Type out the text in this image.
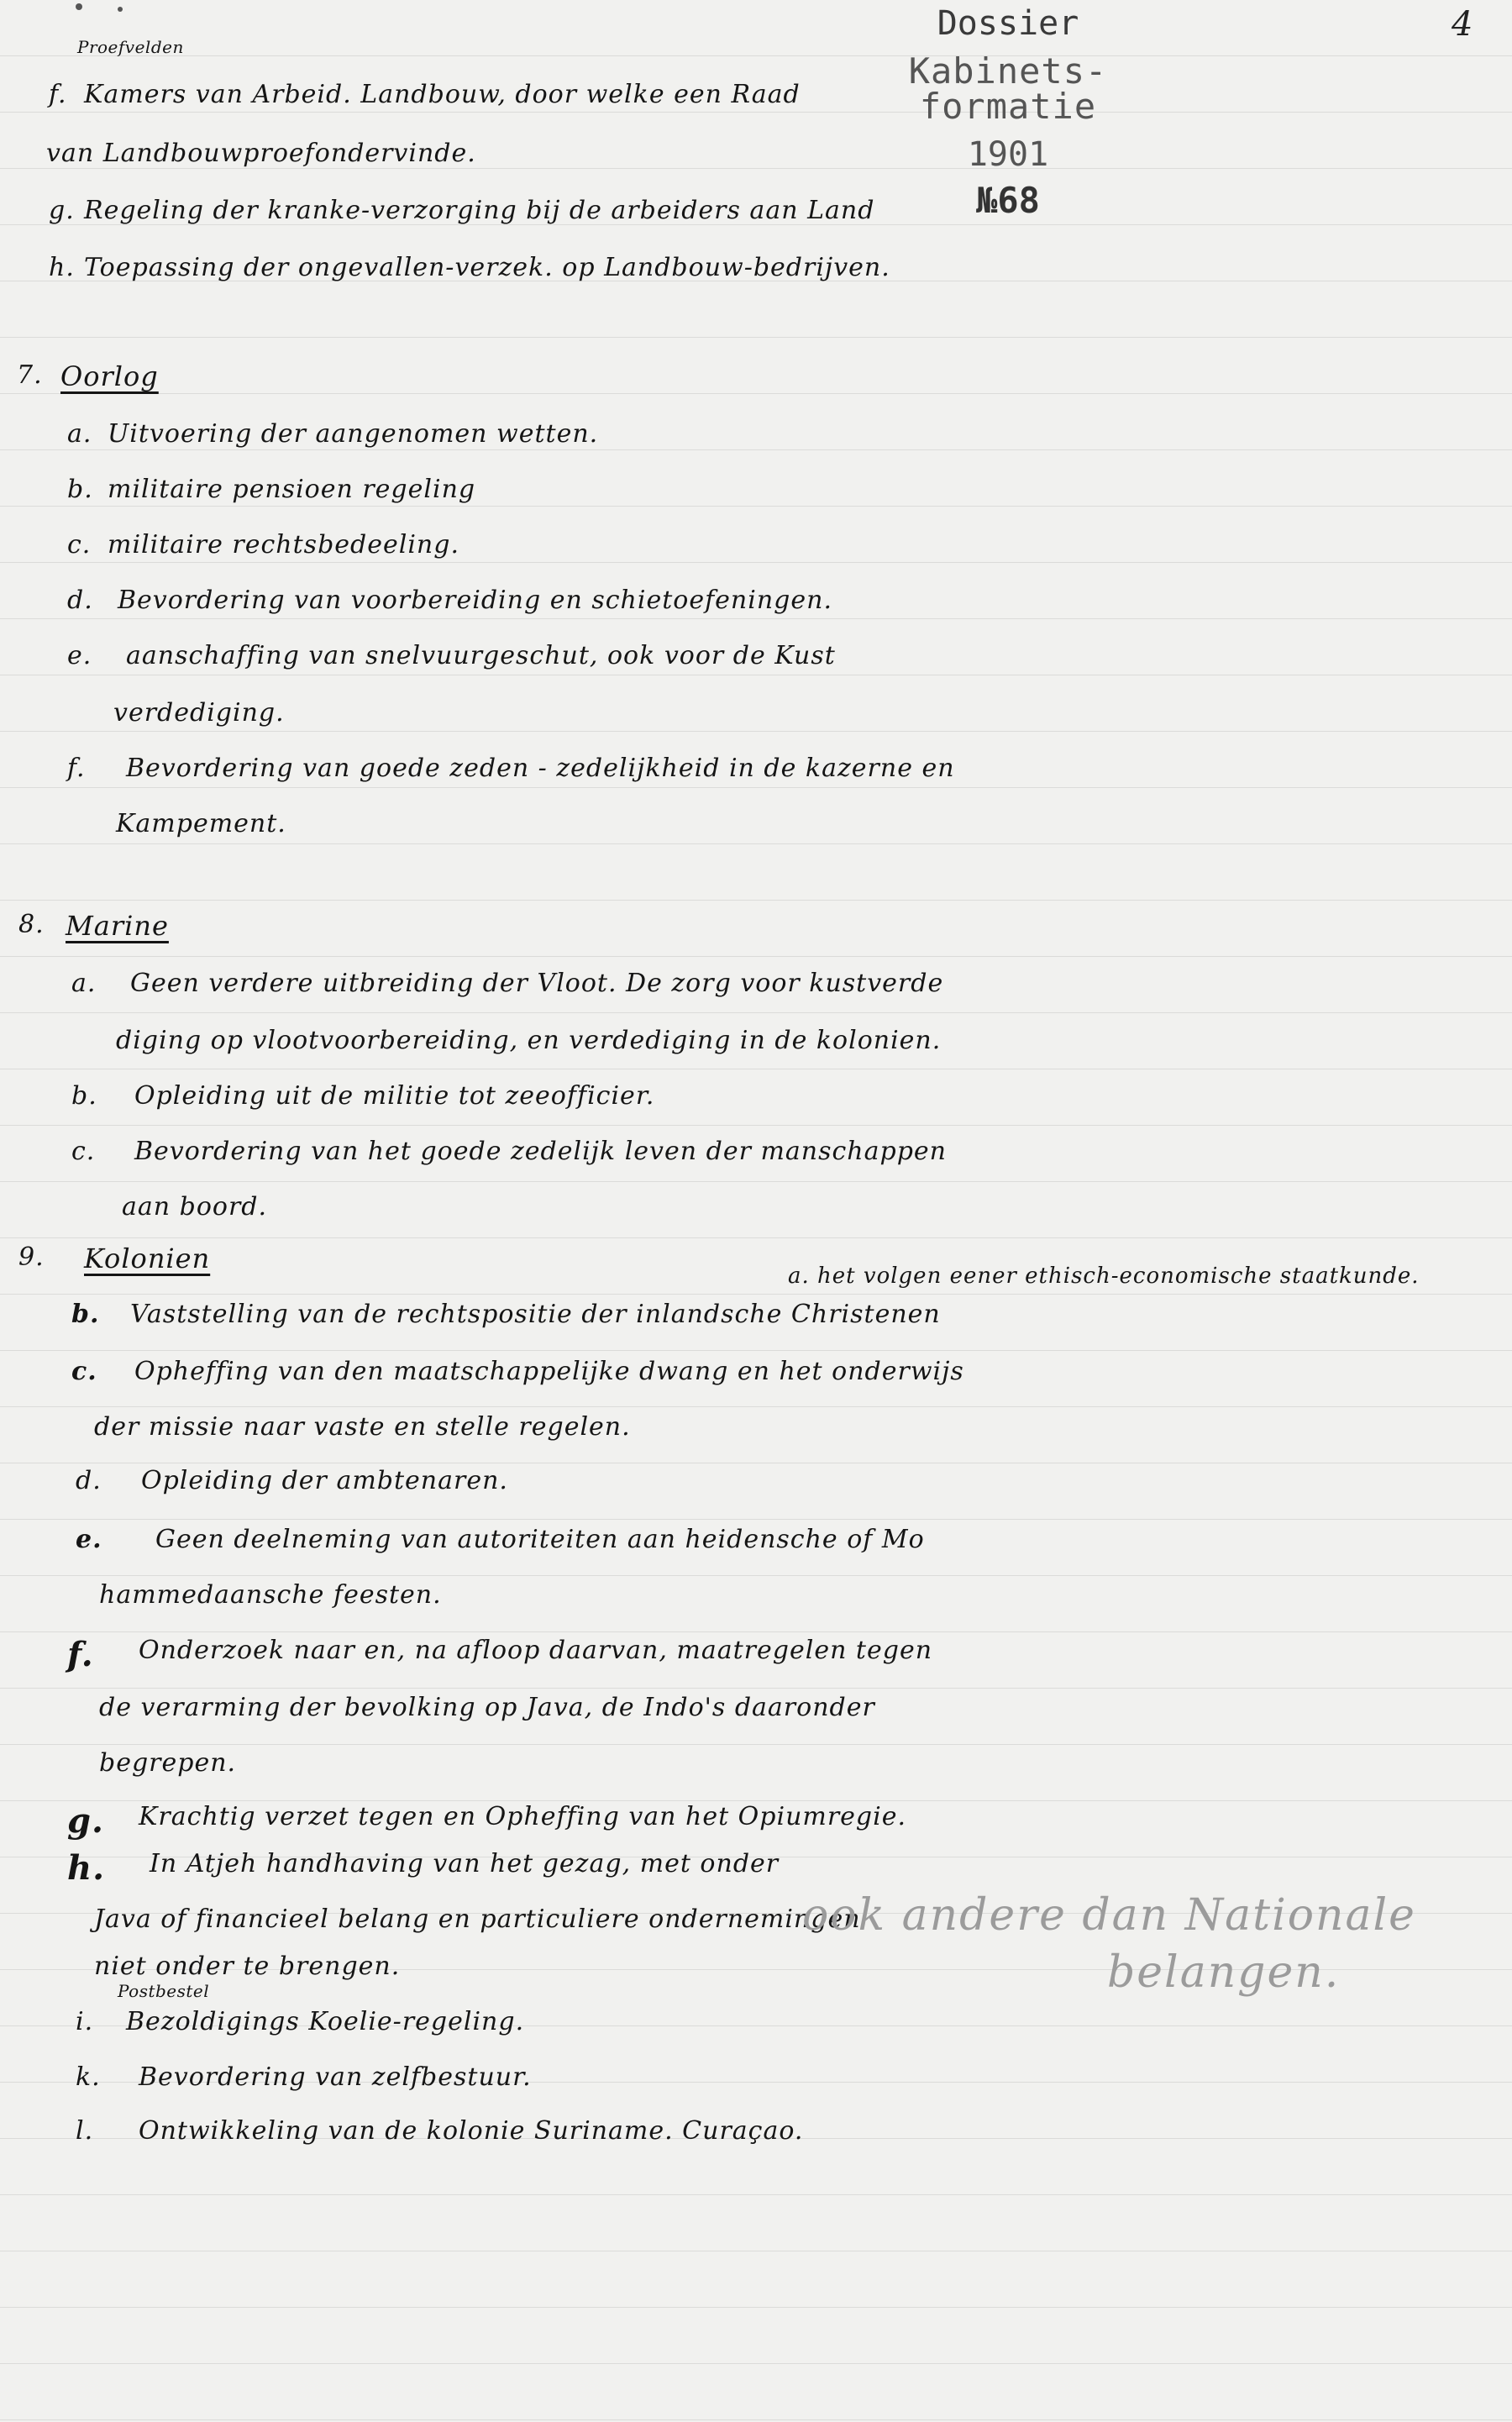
Dossier
Kabinets-formatie
1901
№68
4
Proefvelden
f. Kamers van Arbeid. Landbouw, door welke een Raad
van Landbouwproefondervinde.
g. Regeling der kranke-verzorging bij de arbeiders aan Land
h. Toepassing der ongevallen-verzek. op Landbouw-bedrijven.
7. Oorlog
a. Uitvoering der aangenomen wetten.
b. militaire pensioen regeling
c. militaire rechtsbedeeling.
d. Bevordering van voorbereiding en schietoefeningen.
e. aanschaffing van snelvuurgeschut, ook voor de Kust
verdediging.
f. Bevordering van goede zeden - zedelijkheid in de kazerne en
Kampement.
8. Marine
a. Geen verdere uitbreiding der Vloot. De zorg voor kustverde
diging op vlootvoorbereiding, en verdediging in de kolonien.
b. Opleiding uit de militie tot zeeofficier.
c. Bevordering van het goede zedelijk leven der manschappen
aan boord.
9. Kolonien
b. Vaststelling van de rechtspositie der inlandsche Christenen
c. Opheffing van den maatschappelijke dwang en het onderwijs
der missie naar vaste en stelle regelen.
d. Opleiding der ambtenaren.
e. Geen deelneming van autoriteiten aan heidensche of Mo
hammedaansche feesten.
f. Onderzoek naar en, na afloop daarvan, maatregelen tegen
de verarming der bevolking op Java, de Indo's daaronder
begrepen.
g. Krachtig verzet tegen en Opheffing van het Opiumregie.
h. In Atjeh handhaving van het gezag, met onder
Java of financieel belang en particuliere ondernemingen
niet onder te brengen.
Postbestel
i. Bezoldigings Koelie-regeling.
k. Bevordering van zelfbestuur.
l. Ontwikkeling van de kolonie Suriname. Curaçao.
a. het volgen eener ethisch-economische staatkunde.
ook andere dan Nationale
belangen.
